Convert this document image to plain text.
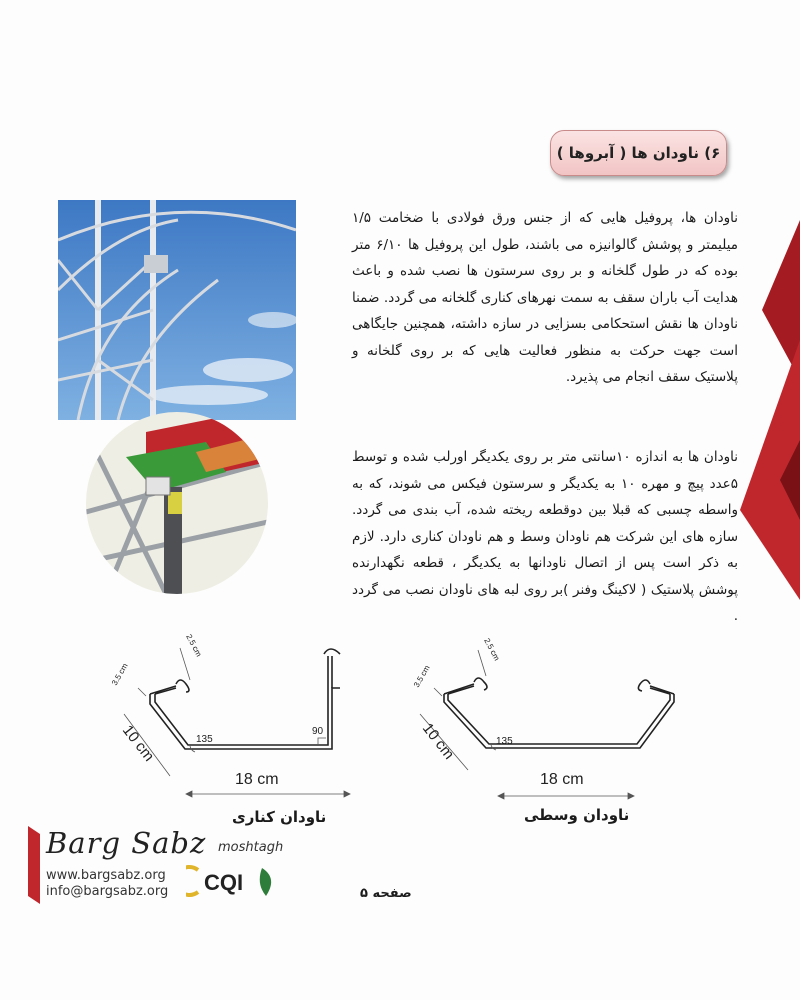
۶) ناودان ها ( آبروها )

ناودان ها، پروفیل هایی که از جنس ورق فولادی با ضخامت ۱/۵ میلیمتر و پوشش گالوانیزه می باشند، طول این پروفیل ها ۶/۱۰ متر بوده که در طول گلخانه و بر روی سرستون ها نصب شده و باعث هدایت آب باران سقف به سمت نهرهای کناری گلخانه می گردد. ضمنا ناودان ها نقش استحکامی بسزایی در سازه داشته، همچنین جایگاهی است جهت حرکت به منظور فعالیت هایی که بر روی گلخانه و پلاستیک سقف انجام می پذیرد.

ناودان ها به اندازه ۱۰سانتی متر بر روی یکدیگر اورلب شده و توسط ۵عدد پیچ و مهره ۱۰ به یکدیگر و سرستون فیکس می شوند، که به واسطه چسبی که قبلا بین دوقطعه ریخته شده، آب بندی می گردد. سازه های این شرکت هم ناودان وسط و هم ناودان کناری دارد. لازم به ذکر است پس از اتصال ناودانها به یکدیگر ، قطعه نگهدارنده پوشش پلاستیک ( لاکینگ وفنر )بر روی لبه های ناودان نصب می گردد .

18 cm
10 cm
3.5 cm
2.5 cm
135
90
18 cm
10 cm
3.5 cm
2.5 cm
135
ناودان کناری	ناودان وسطی
Barg Sabz moshtagh
www.bargsabz.org
info@bargsabz.org CQI	صفحه ۵
